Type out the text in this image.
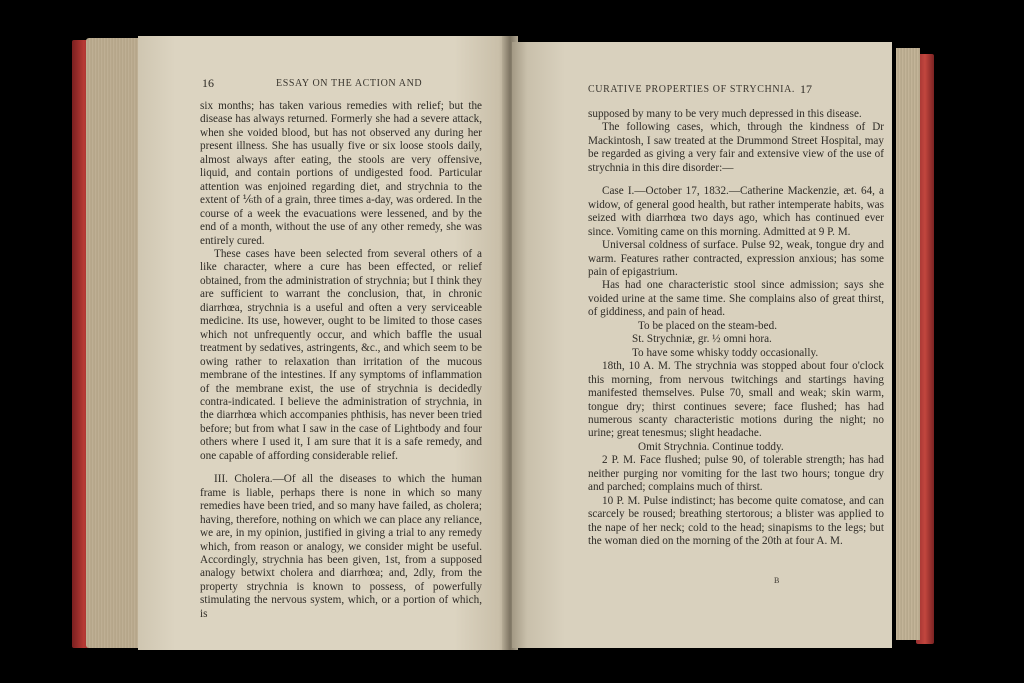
16	ESSAY ON THE ACTION AND

six months; has taken various remedies with relief; but the disease has always returned. Formerly she had a severe attack, when she voided blood, but has not observed any during her present illness. She has usually five or six loose stools daily, almost always after eating, the stools are very offensive, liquid, and contain portions of undigested food. Particular attention was enjoined regarding diet, and strychnia to the extent of ⅙th of a grain, three times a-day, was ordered. In the course of a week the evacuations were lessened, and by the end of a month, without the use of any other remedy, she was entirely cured.

These cases have been selected from several others of a like character, where a cure has been effected, or relief obtained, from the administration of strychnia; but I think they are sufficient to warrant the conclusion, that, in chronic diarrhœa, strychnia is a useful and often a very serviceable medicine. Its use, however, ought to be limited to those cases which not unfrequently occur, and which baffle the usual treatment by sedatives, astringents, &c., and which seem to be owing rather to relaxation than irritation of the mucous membrane of the intestines. If any symptoms of inflammation of the membrane exist, the use of strychnia is decidedly contra-indicated. I believe the administration of strychnia, in the diarrhœa which accompanies phthisis, has never been tried before; but from what I saw in the case of Lightbody and four others where I used it, I am sure that it is a safe remedy, and one capable of affording considerable relief.

III. Cholera.—Of all the diseases to which the human frame is liable, perhaps there is none in which so many remedies have been tried, and so many have failed, as cholera; having, therefore, nothing on which we can place any reliance, we are, in my opinion, justified in giving a trial to any remedy which, from reason or analogy, we consider might be useful. Accordingly, strychnia has been given, 1st, from a supposed analogy betwixt cholera and diarrhœa; and, 2dly, from the property strychnia is known to possess, of powerfully stimulating the nervous system, which, or a portion of which, is

CURATIVE PROPERTIES OF STRYCHNIA. 17

supposed by many to be very much depressed in this disease.

The following cases, which, through the kindness of Dr Mackintosh, I saw treated at the Drummond Street Hospital, may be regarded as giving a very fair and extensive view of the use of strychnia in this dire disorder:—

Case I.—October 17, 1832.—Catherine Mackenzie, æt. 64, a widow, of general good health, but rather intemperate habits, was seized with diarrhœa two days ago, which has continued ever since. Vomiting came on this morning. Admitted at 9 P. M.

Universal coldness of surface. Pulse 92, weak, tongue dry and warm. Features rather contracted, expression anxious; has some pain of epigastrium.

Has had one characteristic stool since admission; says she voided urine at the same time. She complains also of great thirst, of giddiness, and pain of head.

To be placed on the steam-bed.

St. Strychniæ, gr. ½ omni hora.

To have some whisky toddy occasionally.

18th, 10 A. M. The strychnia was stopped about four o'clock this morning, from nervous twitchings and startings having manifested themselves. Pulse 70, small and weak; skin warm, tongue dry; thirst continues severe; face flushed; has had numerous scanty characteristic motions during the night; no urine; great tenesmus; slight headache.

Omit Strychnia. Continue toddy.

2 P. M. Face flushed; pulse 90, of tolerable strength; has had neither purging nor vomiting for the last two hours; tongue dry and parched; complains much of thirst.

10 P. M. Pulse indistinct; has become quite comatose, and can scarcely be roused; breathing stertorous; a blister was applied to the nape of her neck; cold to the head; sinapisms to the legs; but the woman died on the morning of the 20th at four A. M.

B
